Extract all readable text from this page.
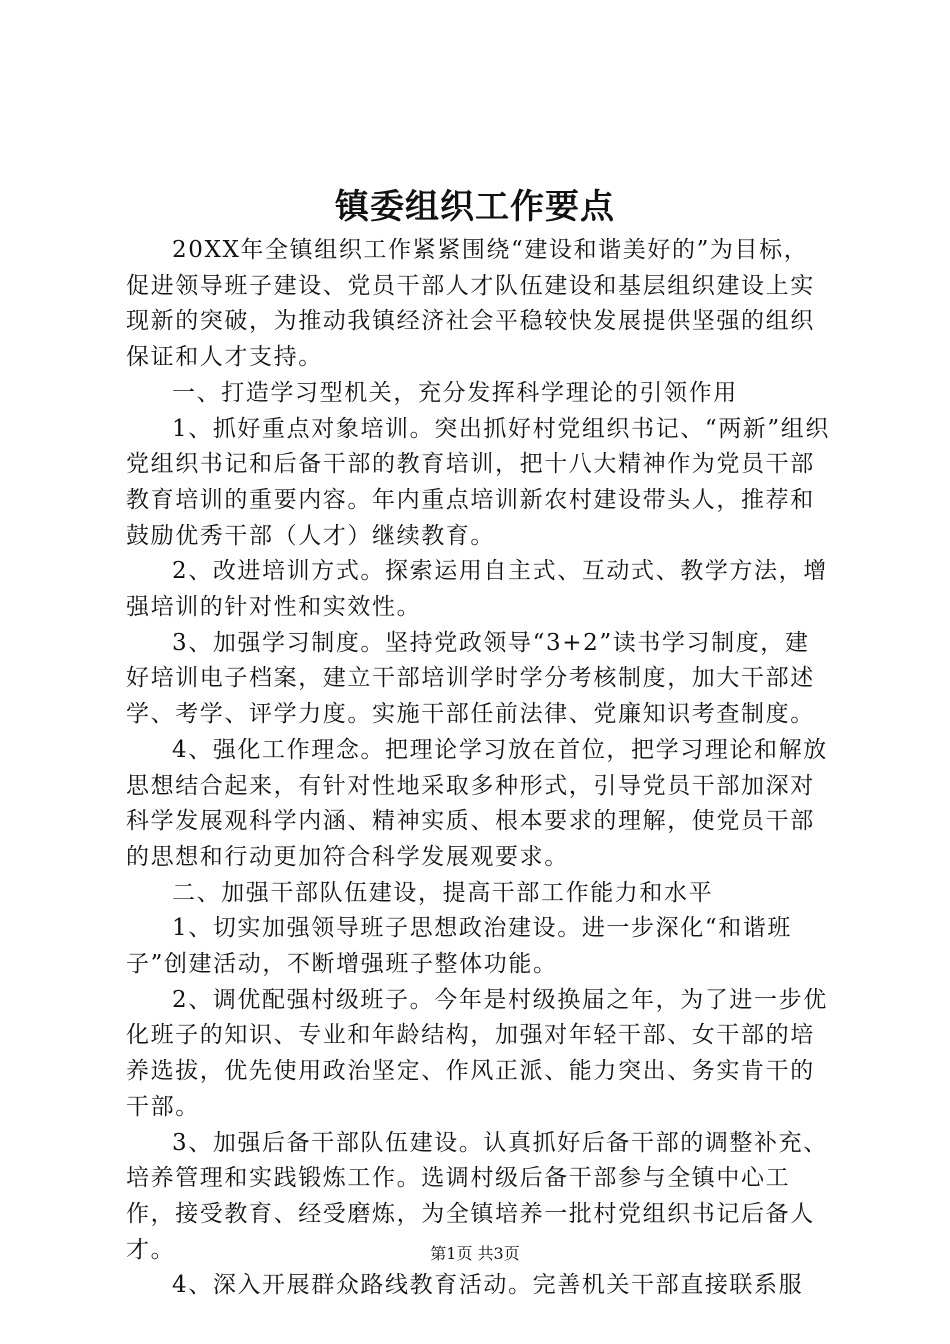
镇委组织工作要点

20XX年全镇组织工作紧紧围绕“建设和谐美好的”为目标，促进领导班子建设、党员干部人才队伍建设和基层组织建设上实现新的突破，为推动我镇经济社会平稳较快发展提供坚强的组织保证和人才支持。

一、打造学习型机关，充分发挥科学理论的引领作用

1、抓好重点对象培训。突出抓好村党组织书记、“两新”组织党组织书记和后备干部的教育培训，把十八大精神作为党员干部教育培训的重要内容。年内重点培训新农村建设带头人，推荐和鼓励优秀干部（人才）继续教育。

2、改进培训方式。探索运用自主式、互动式、教学方法，增强培训的针对性和实效性。

3、加强学习制度。坚持党政领导“3+2”读书学习制度，建好培训电子档案，建立干部培训学时学分考核制度，加大干部述学、考学、评学力度。实施干部任前法律、党廉知识考查制度。

4、强化工作理念。把理论学习放在首位，把学习理论和解放思想结合起来，有针对性地采取多种形式，引导党员干部加深对科学发展观科学内涵、精神实质、根本要求的理解，使党员干部的思想和行动更加符合科学发展观要求。

二、加强干部队伍建设，提高干部工作能力和水平

1、切实加强领导班子思想政治建设。进一步深化“和谐班子”创建活动，不断增强班子整体功能。

2、调优配强村级班子。今年是村级换届之年，为了进一步优化班子的知识、专业和年龄结构，加强对年轻干部、女干部的培养选拔，优先使用政治坚定、作风正派、能力突出、务实肯干的干部。

3、加强后备干部队伍建设。认真抓好后备干部的调整补充、培养管理和实践锻炼工作。选调村级后备干部参与全镇中心工作，接受教育、经受磨炼，为全镇培养一批村党组织书记后备人才。

4、深入开展群众路线教育活动。完善机关干部直接联系服

第1页 共3页
